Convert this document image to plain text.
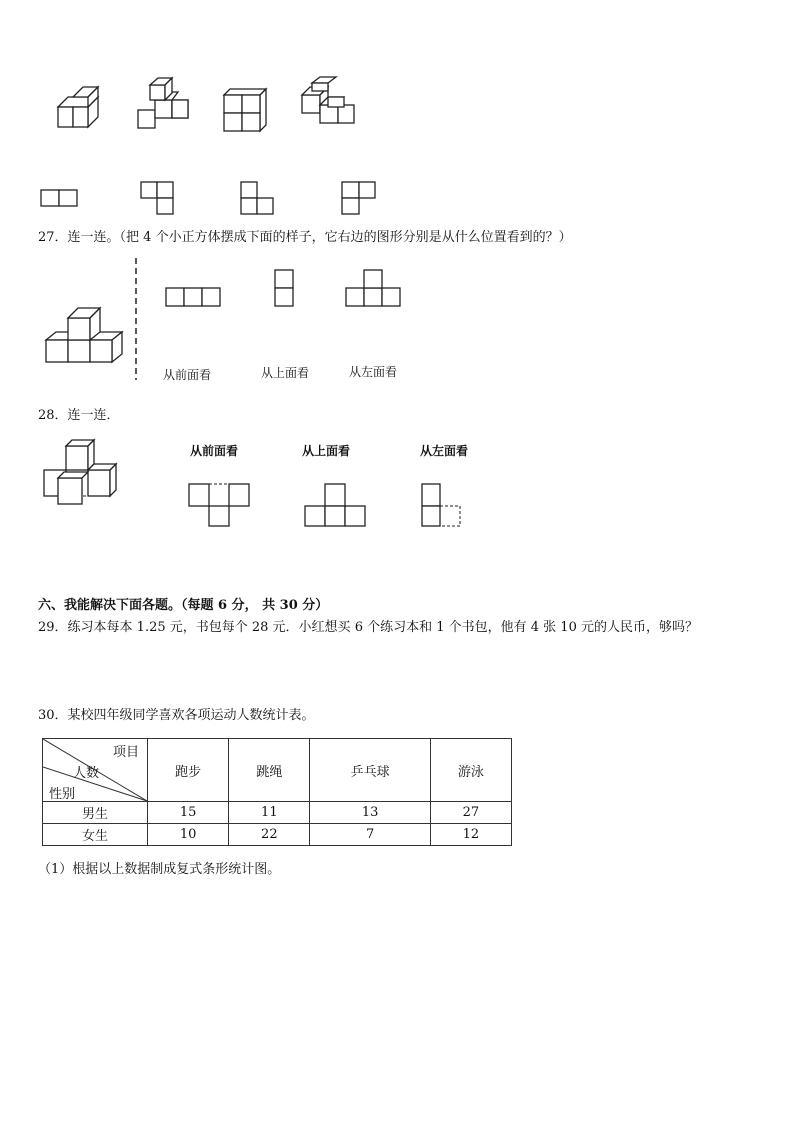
27．连一连。（把 4 个小正方体摆成下面的样子，它右边的图形分别是从什么位置看到的？）
从前面看	从上面看	从左面看
28．连一连．
从前面看	从上面看	从左面看
六、我能解决下面各题。（每题 6 分， 共 30 分）
29．练习本每本 1.25 元，书包每个 28 元．小红想买 6 个练习本和 1 个书包，他有 4 张 10 元的人民币，够吗？
30．某校四年级同学喜欢各项运动人数统计表。
项目
人数
性别	跑步	跳绳	乒乓球	游泳
男生	15	11	13	27
女生	10	22	7	12
（1）根据以上数据制成复式条形统计图。
